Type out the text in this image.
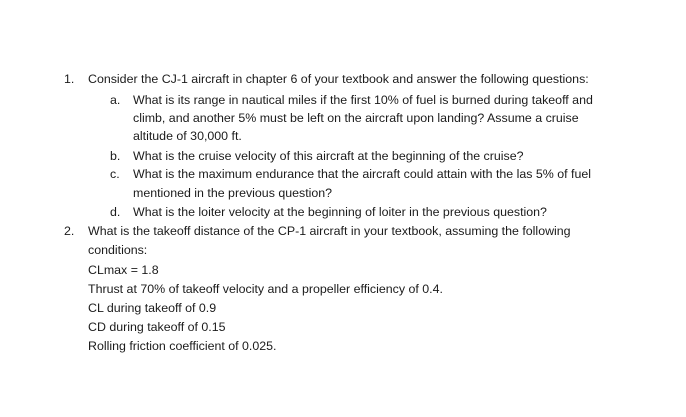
1. Consider the CJ-1 aircraft in chapter 6 of your textbook and answer the following questions:
a. What is its range in nautical miles if the first 10% of fuel is burned during takeoff and
climb, and another 5% must be left on the aircraft upon landing? Assume a cruise
altitude of 30,000 ft.
b. What is the cruise velocity of this aircraft at the beginning of the cruise?
c. What is the maximum endurance that the aircraft could attain with the las 5% of fuel
mentioned in the previous question?
d. What is the loiter velocity at the beginning of loiter in the previous question?
2. What is the takeoff distance of the CP-1 aircraft in your textbook, assuming the following
conditions:
CLmax = 1.8
Thrust at 70% of takeoff velocity and a propeller efficiency of 0.4.
CL during takeoff of 0.9
CD during takeoff of 0.15
Rolling friction coefficient of 0.025.
